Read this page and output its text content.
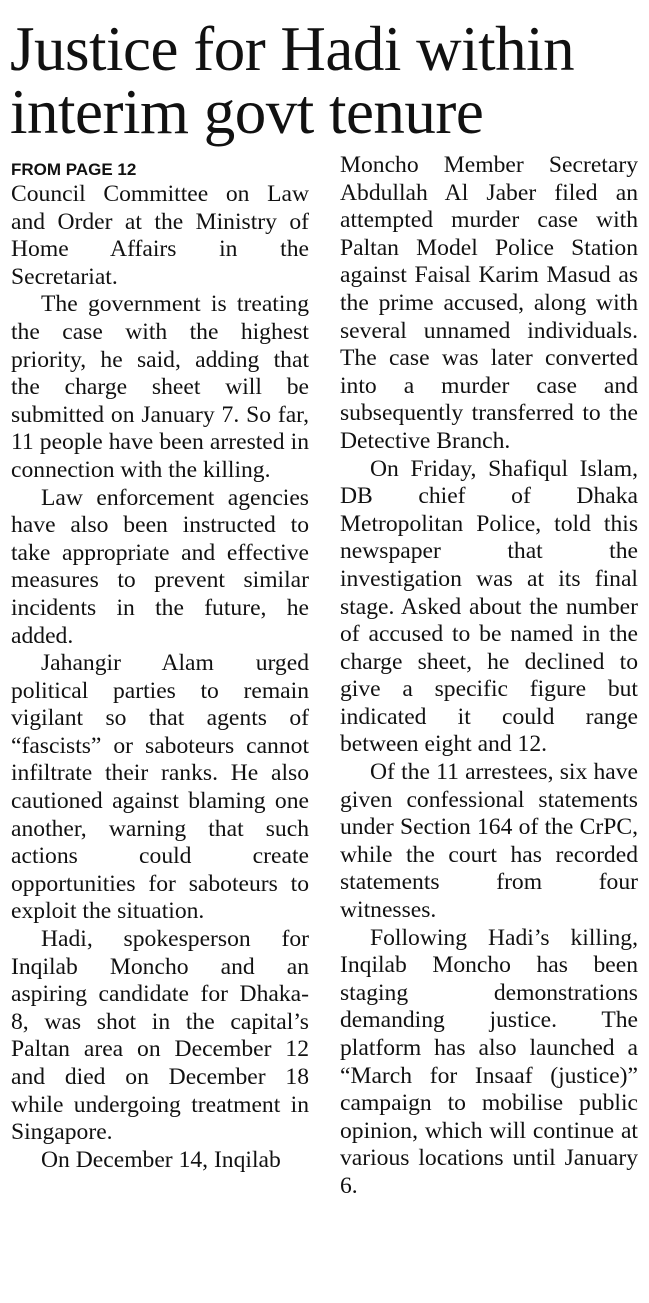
Justice for Hadi within
interim govt tenure
FROM PAGE 12

Council Committee on Law and Order at the Ministry of Home Affairs in the Secretariat.

The government is treating the case with the highest priority, he said, adding that the charge sheet will be submitted on January 7. So far, 11 people have been arrested in connection with the killing.

Law enforcement agencies have also been instructed to take appropriate and effective measures to prevent similar incidents in the future, he added.

Jahangir Alam urged political parties to remain vigilant so that agents of “fascists” or saboteurs cannot infiltrate their ranks. He also cautioned against blaming one another, warning that such actions could create opportunities for saboteurs to exploit the situation.

Hadi, spokesperson for Inqilab Moncho and an aspiring candidate for Dhaka-8, was shot in the capital’s Paltan area on December 12 and died on December 18 while undergoing treatment in Singapore.

On December 14, Inqilab

Moncho Member Secretary Abdullah Al Jaber filed an attempted murder case with Paltan Model Police Station against Faisal Karim Masud as the prime accused, along with several unnamed individuals. The case was later converted into a murder case and subsequently transferred to the Detective Branch.

On Friday, Shafiqul Islam, DB chief of Dhaka Metropolitan Police, told this newspaper that the investigation was at its final stage. Asked about the number of accused to be named in the charge sheet, he declined to give a specific figure but indicated it could range between eight and 12.

Of the 11 arrestees, six have given confessional statements under Section 164 of the CrPC, while the court has recorded statements from four witnesses.

Following Hadi’s killing, Inqilab Moncho has been staging demonstrations demanding justice. The platform has also launched a “March for Insaaf (justice)” campaign to mobilise public opinion, which will continue at various locations until January 6.
